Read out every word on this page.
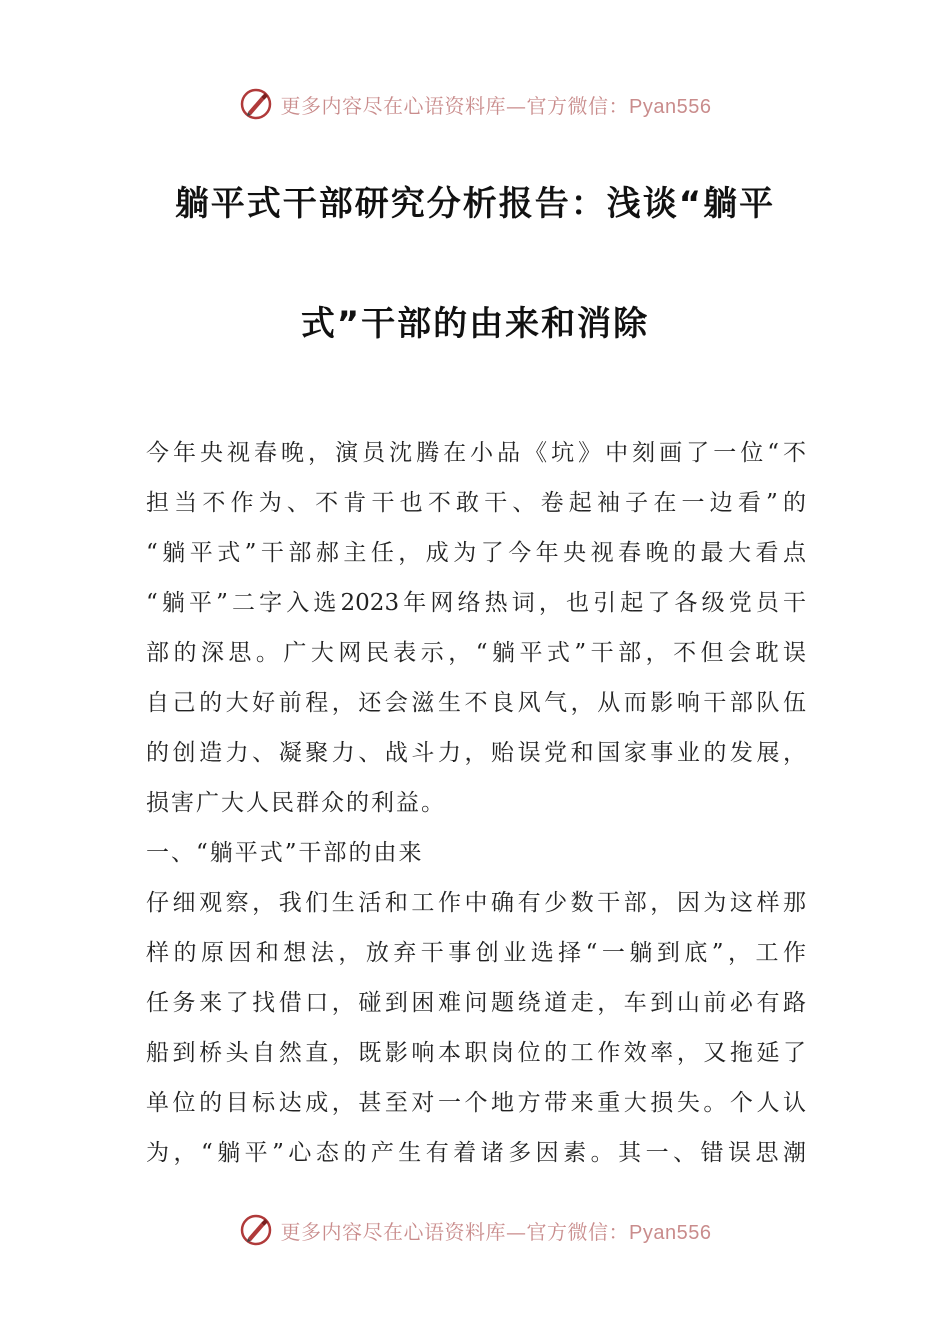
更多内容尽在心语资料库—官方微信：Pyan556
躺平式干部研究分析报告：浅谈“躺平
式”干部的由来和消除
今年央视春晚，演员沈腾在小品《坑》中刻画了一位“不
担当不作为、不肯干也不敢干、卷起袖子在一边看”的
“躺平式”干部郝主任，成为了今年央视春晚的最大看点
“躺平”二字入选2023年网络热词，也引起了各级党员干
部的深思。广大网民表示，“躺平式”干部，不但会耽误
自己的大好前程，还会滋生不良风气，从而影响干部队伍
的创造力、凝聚力、战斗力，贻误党和国家事业的发展，
损害广大人民群众的利益。
一、“躺平式”干部的由来
仔细观察，我们生活和工作中确有少数干部，因为这样那
样的原因和想法，放弃干事创业选择“一躺到底”，工作
任务来了找借口，碰到困难问题绕道走，车到山前必有路
船到桥头自然直，既影响本职岗位的工作效率，又拖延了
单位的目标达成，甚至对一个地方带来重大损失。个人认
为，“躺平”心态的产生有着诸多因素。其一、错误思潮
更多内容尽在心语资料库—官方微信：Pyan556
